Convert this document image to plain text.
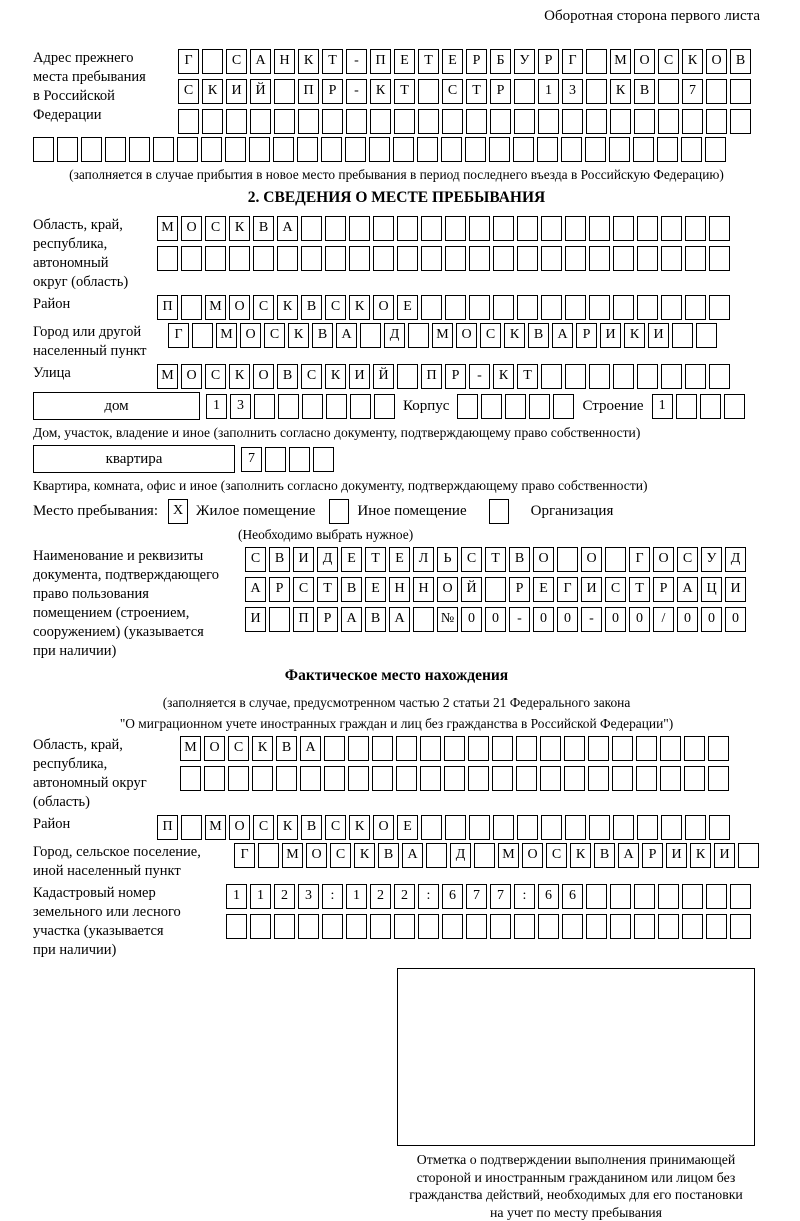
Оборотная сторона первого листа
Адрес прежнего
места пребывания
в Российской
Федерации
Г	С	А Н	К	Т	-	П	Е	Т	Е	Р	Б	У	Р	Г	М О	С	К	О	В
С	К	И Й	П	Р	-	К	Т	С	Т	Р	1	3	К	В	7
(заполняется в случае прибытия в новое место пребывания в период последнего въезда в Российскую Федерацию)
2. СВЕДЕНИЯ О МЕСТЕ ПРЕБЫВАНИЯ
Область, край,
республика,
автономный
округ (область)
М О	С	К	В	А
Район	П	М О	С	К	В	С	К	О	Е
Город или другой
населенный пункт
Г	М О	С	К	В	А	Д	М О	С	К	В	А	Р	И	К	И
Улица	М О	С	К	О	В	С	К	И Й	П	Р	-	К	Т
дом	1	3	Корпус	Строение	1
Дом, участок, владение и иное (заполнить согласно документу, подтверждающему право собственности)
квартира	7
Квартира, комната, офис и иное (заполнить согласно документу, подтверждающему право собственности)
Место пребывания:	X Жилое помещение	Иное помещение	Организация
(Необходимо выбрать нужное)
Наименование и реквизиты
документа, подтверждающего
право пользования
помещением (строением,
сооружением) (указывается
при наличии)
С	В	И	Д	Е	Т	Е	Л	Ь	С	Т	В	О	О	Г	О	С	У	Д
А	Р	С	Т	В	Е	Н Н О Й	Р	Е	Г	И	С	Т	Р	А Ц И
И	П	Р	А	В	А	№ 0	0	-	0	0	-	0	0	/	0	0	0
Фактическое место нахождения
(заполняется в случае, предусмотренном частью 2 статьи 21 Федерального закона
"О миграционном учете иностранных граждан и лиц без гражданства в Российской Федерации")
Область, край,
республика,
автономный округ
(область)
М О	С	К	В	А
Район	П	М О	С	К	В	С	К	О	Е
Город, сельское поселение,
иной населенный пункт
Г	М О	С	К	В	А	Д	М О	С	К	В	А	Р	И	К	И
Кадастровый номер
земельного или лесного
участка (указывается
при наличии)
1	1	2	3	:	1	2	2	:	6	7	7	:	6	6
Отметка о подтверждении выполнения принимающей
стороной и иностранным гражданином или лицом без
гражданства действий, необходимых для его постановки
на учет по месту пребывания
